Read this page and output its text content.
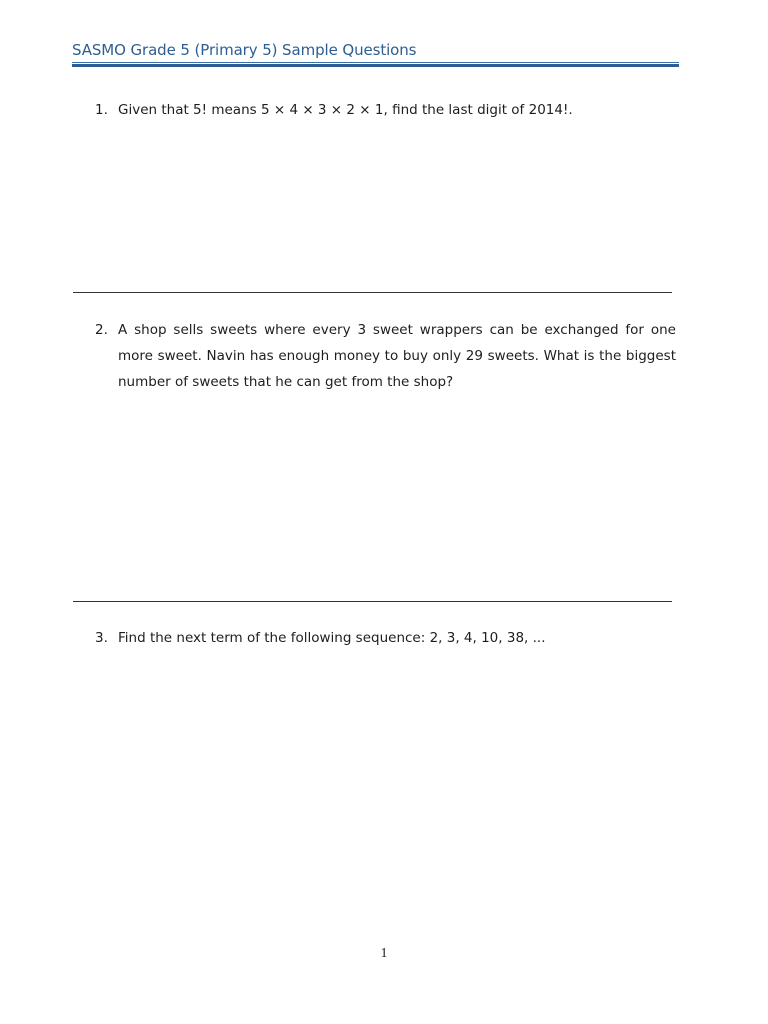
SASMO Grade 5 (Primary 5) Sample Questions
1. Given that 5! means 5 × 4 × 3 × 2 × 1, find the last digit of 2014!.
2. A shop sells sweets where every 3 sweet wrappers can be exchanged for one more sweet. Navin has enough money to buy only 29 sweets. What is the biggest number of sweets that he can get from the shop?
3. Find the next term of the following sequence: 2, 3, 4, 10, 38, ...
1
